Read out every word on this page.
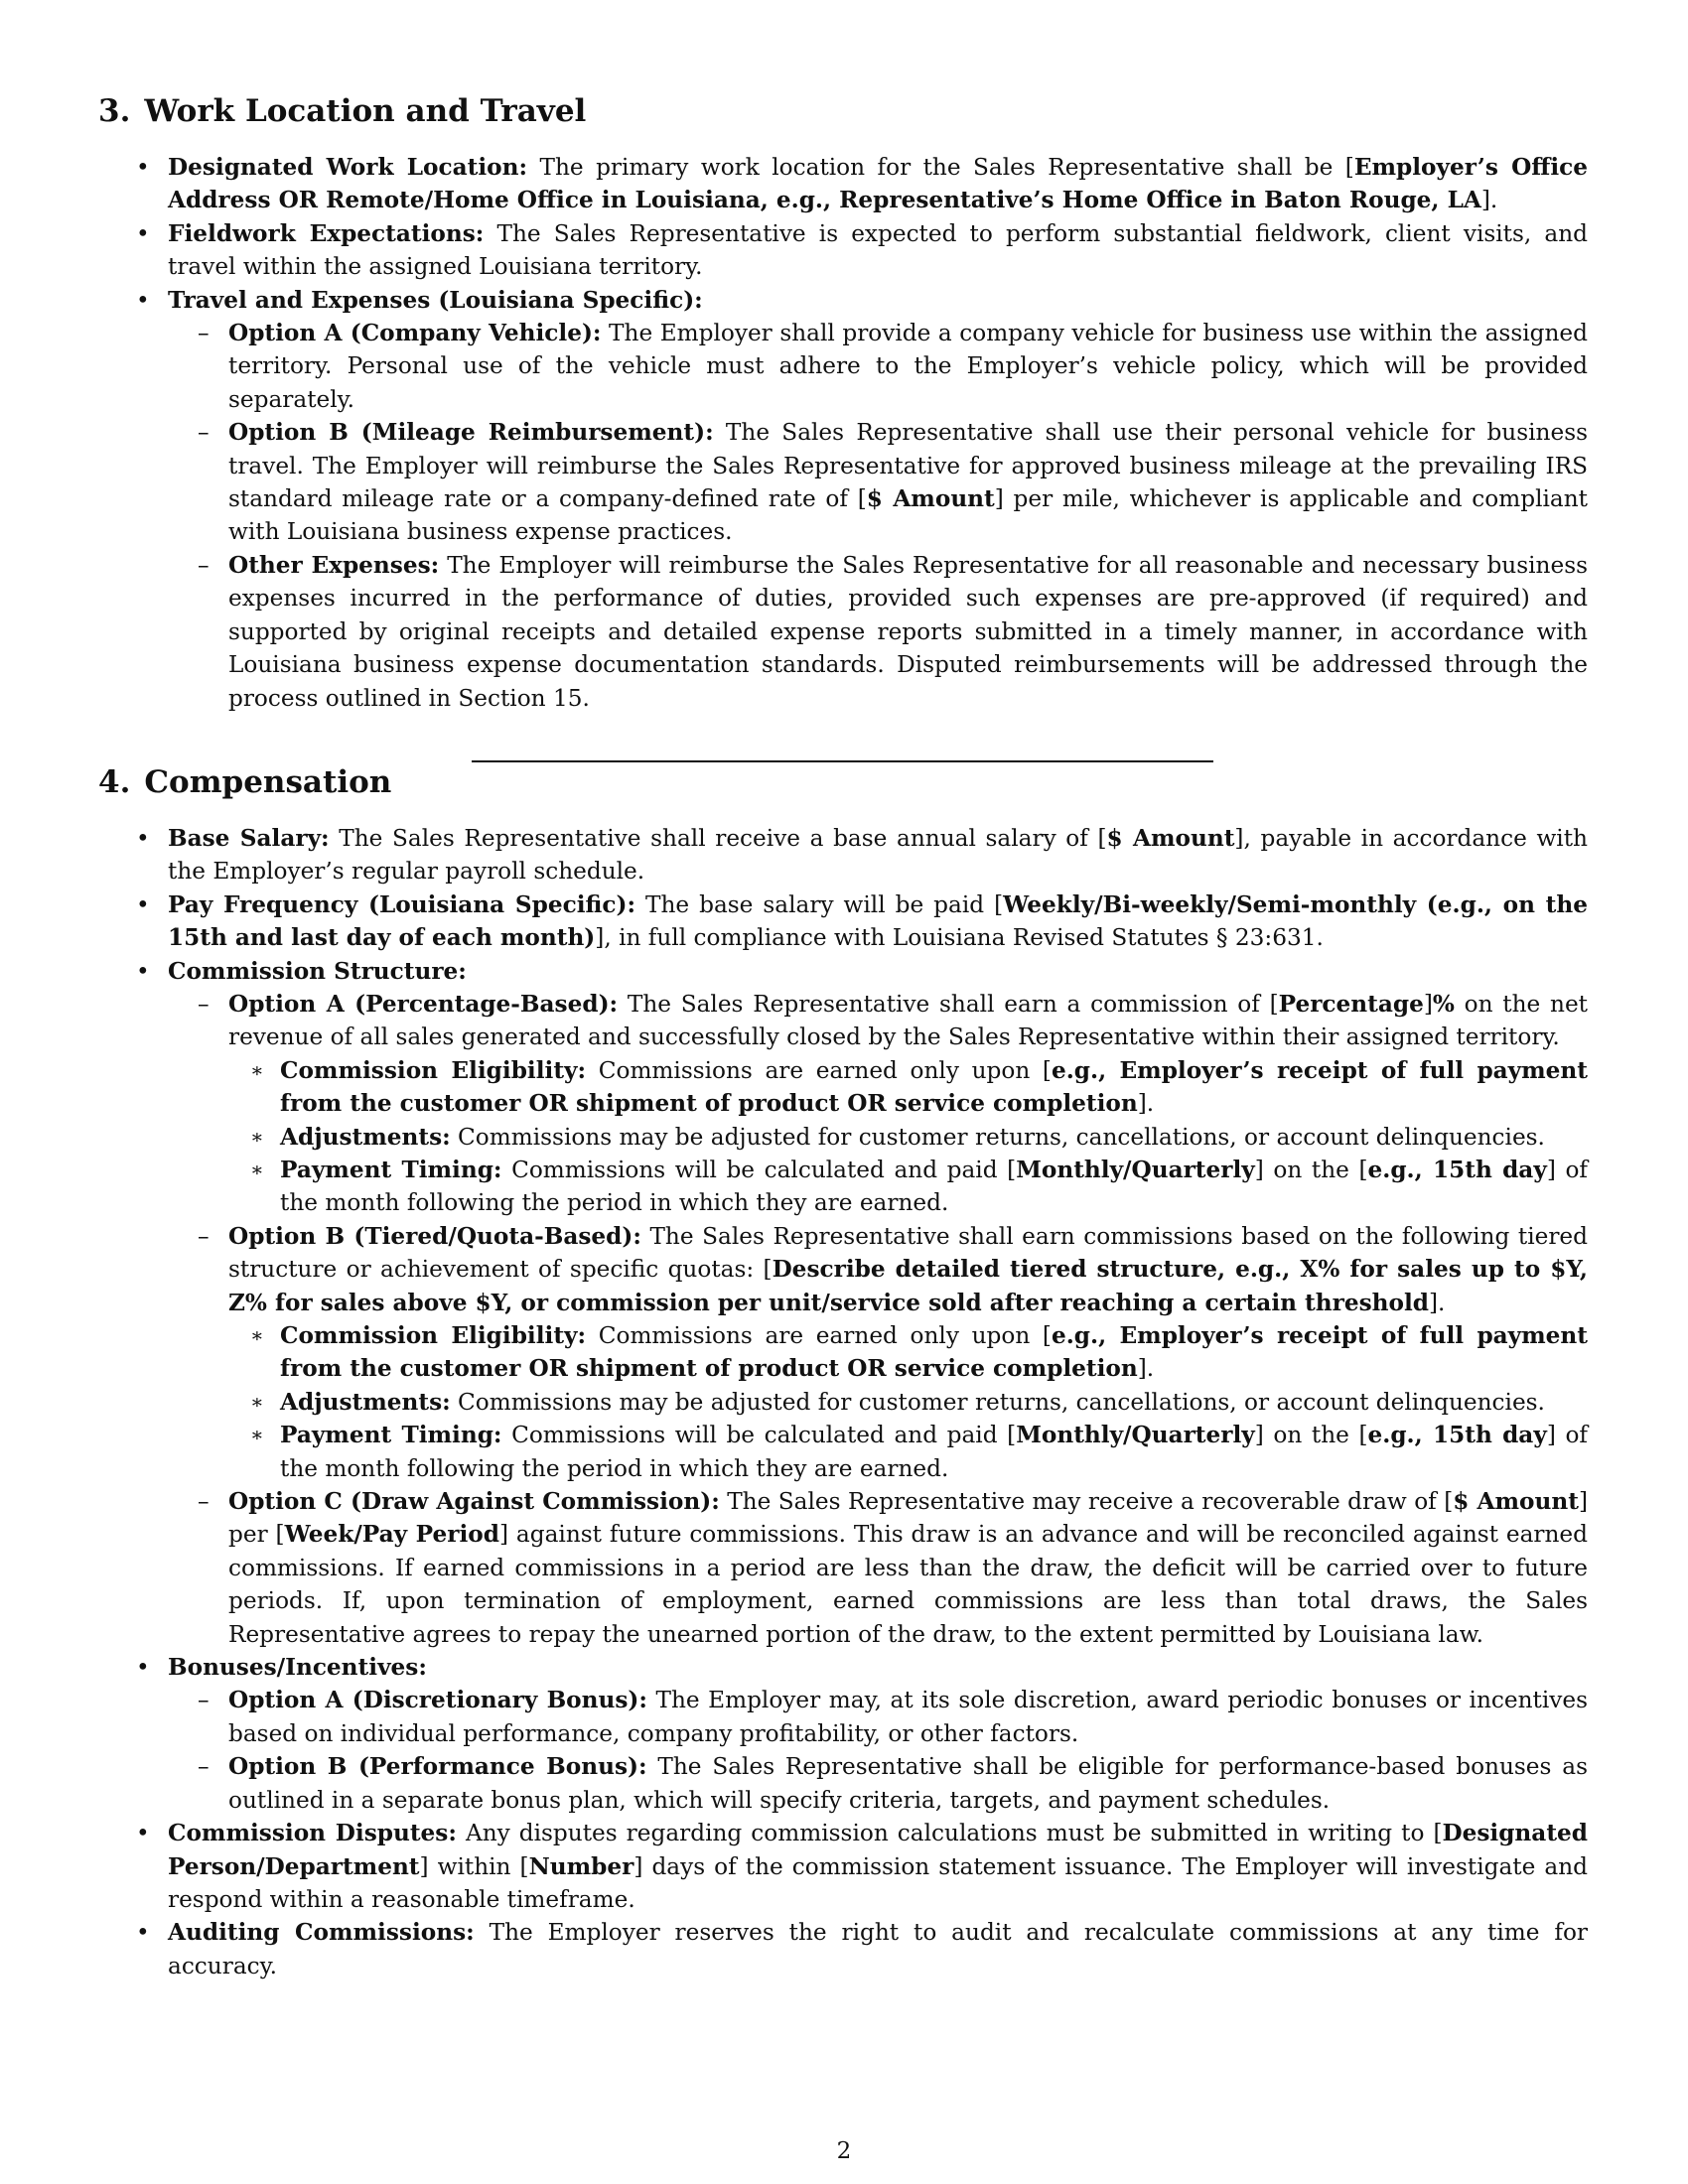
3. Work Location and Travel
• Designated Work Location: The primary work location for the Sales Representative shall be [Employer’s Office Address OR Remote/Home Office in Louisiana, e.g., Representative’s Home Office in Baton Rouge, LA].
• Fieldwork Expectations: The Sales Representative is expected to perform substantial fieldwork, client visits, and travel within the assigned Louisiana territory.
• Travel and Expenses (Louisiana Specific):
– Option A (Company Vehicle): The Employer shall provide a company vehicle for business use within the assigned territory. Personal use of the vehicle must adhere to the Employer’s vehicle policy, which will be provided separately.
– Option B (Mileage Reimbursement): The Sales Representative shall use their personal vehicle for business travel. The Employer will reimburse the Sales Representative for approved business mileage at the prevailing IRS standard mileage rate or a company-defined rate of [$ Amount] per mile, whichever is applicable and compliant with Louisiana business expense practices.
– Other Expenses: The Employer will reimburse the Sales Representative for all reasonable and necessary business expenses incurred in the performance of duties, provided such expenses are pre-approved (if required) and supported by original receipts and detailed expense reports submitted in a timely manner, in accordance with Louisiana business expense documentation standards. Disputed reimbursements will be addressed through the process outlined in Section 15.
4. Compensation
• Base Salary: The Sales Representative shall receive a base annual salary of [$ Amount], payable in accordance with the Employer’s regular payroll schedule.
• Pay Frequency (Louisiana Specific): The base salary will be paid [Weekly/Bi-weekly/Semi-monthly (e.g., on the 15th and last day of each month)], in full compliance with Louisiana Revised Statutes § 23:631.
• Commission Structure:
– Option A (Percentage-Based): The Sales Representative shall earn a commission of [Percentage]% on the net revenue of all sales generated and successfully closed by the Sales Representative within their assigned territory.
∗ Commission Eligibility: Commissions are earned only upon [e.g., Employer’s receipt of full payment from the customer OR shipment of product OR service completion].
∗ Adjustments: Commissions may be adjusted for customer returns, cancellations, or account delinquencies.
∗ Payment Timing: Commissions will be calculated and paid [Monthly/Quarterly] on the [e.g., 15th day] of the month following the period in which they are earned.
– Option B (Tiered/Quota-Based): The Sales Representative shall earn commissions based on the following tiered structure or achievement of specific quotas: [Describe detailed tiered structure, e.g., X% for sales up to $Y, Z% for sales above $Y, or commission per unit/service sold after reaching a certain threshold].
∗ Commission Eligibility: Commissions are earned only upon [e.g., Employer’s receipt of full payment from the customer OR shipment of product OR service completion].
∗ Adjustments: Commissions may be adjusted for customer returns, cancellations, or account delinquencies.
∗ Payment Timing: Commissions will be calculated and paid [Monthly/Quarterly] on the [e.g., 15th day] of the month following the period in which they are earned.
– Option C (Draw Against Commission): The Sales Representative may receive a recoverable draw of [$ Amount] per [Week/Pay Period] against future commissions. This draw is an advance and will be reconciled against earned commissions. If earned commissions in a period are less than the draw, the deficit will be carried over to future periods. If, upon termination of employment, earned commissions are less than total draws, the Sales Representative agrees to repay the unearned portion of the draw, to the extent permitted by Louisiana law.
• Bonuses/Incentives:
– Option A (Discretionary Bonus): The Employer may, at its sole discretion, award periodic bonuses or incentives based on individual performance, company profitability, or other factors.
– Option B (Performance Bonus): The Sales Representative shall be eligible for performance-based bonuses as outlined in a separate bonus plan, which will specify criteria, targets, and payment schedules.
• Commission Disputes: Any disputes regarding commission calculations must be submitted in writing to [Designated Person/Department] within [Number] days of the commission statement issuance. The Employer will investigate and respond within a reasonable timeframe.
• Auditing Commissions: The Employer reserves the right to audit and recalculate commissions at any time for accuracy.
2
